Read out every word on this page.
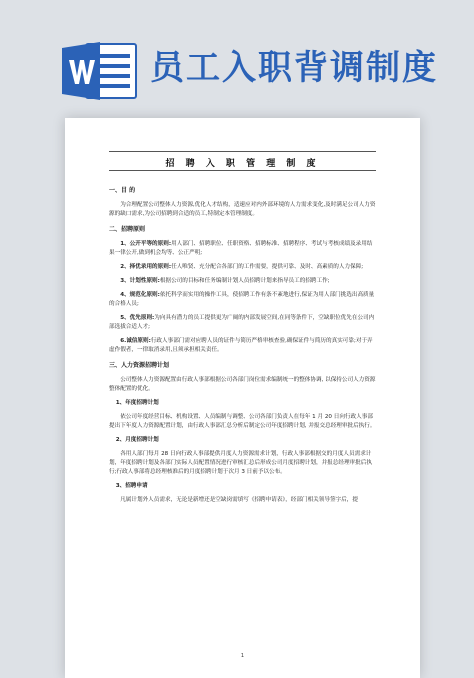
员工入职背调制度
招 聘 入 职 管 理 制 度
一、目 的
为合理配置公司整体人力资源,优化人才结构，适速应对内外部环境的人力需求变化,及时满足公司人力资源的缺口需求,为公司招聘到合适的员工,特制定本管理制度。
二、招聘原则
1、公开平等的原则:用人部门、招聘职位、任职资格、招聘标准、招聘程序、考试与考核成绩及录用结果一律公开,做到机会均等、公正严明;
2、择优录用的原则:任人唯贤、充分配合各部门的工作需要，提供可靠、及时、高素质的人力保障;
3、计划性原则:根据公司的目标和任务编制计划人员招聘计划来指导员工的招聘工作;
4、规范化原则:依托科学而实用的操作工具，使招聘工作有条不紊地进行,保证为用人部门挑选出高质量的合格人员;
5、优先原则:为向具有潜力的员工提供更为广阔的内部发展空间,在同等条件下，空缺职位优先在公司内部选拔合适人才;
6.诚信原则:行政人事部门需对应聘人员的证件与简历严格审核查验,确保证件与简历的真实可靠;对于弄虚作假者，一律取消录用,且须承担相关责任。
三、人力资源招聘计划
公司整体人力资源配置由行政人事部根据公司各部门岗位需求编制统一的整体协调, 以保持公司人力资源整体配置的优化。
1、年度招聘计划
依公司年度经营目标、机构设置、人员编制与调整、公司各部门负责人在每年 1 月 20 日向行政人事部提出下年度人力资源配置计划，由行政人事部汇总分析后制定公司年度招聘计划, 并报交总经理审批后执行。
2、月度招聘计划
各用人部门每月 28 日向行政人事部提供月度人力资源需求计划，行政人事部根据交的月度人员需求计划，年度招聘计划及各部门实际人员配置情况进行审核汇总后形成公司月度招聘计划，并报总经理审批后执行;行政人事部将总经理核准后的月度招聘计划于次月 3 日前予以公布。
3、招聘申请
凡属计划外人员需求，无论是新增还是空缺岗需填写《招聘申请表》，经部门相关领导签字后，提
1
